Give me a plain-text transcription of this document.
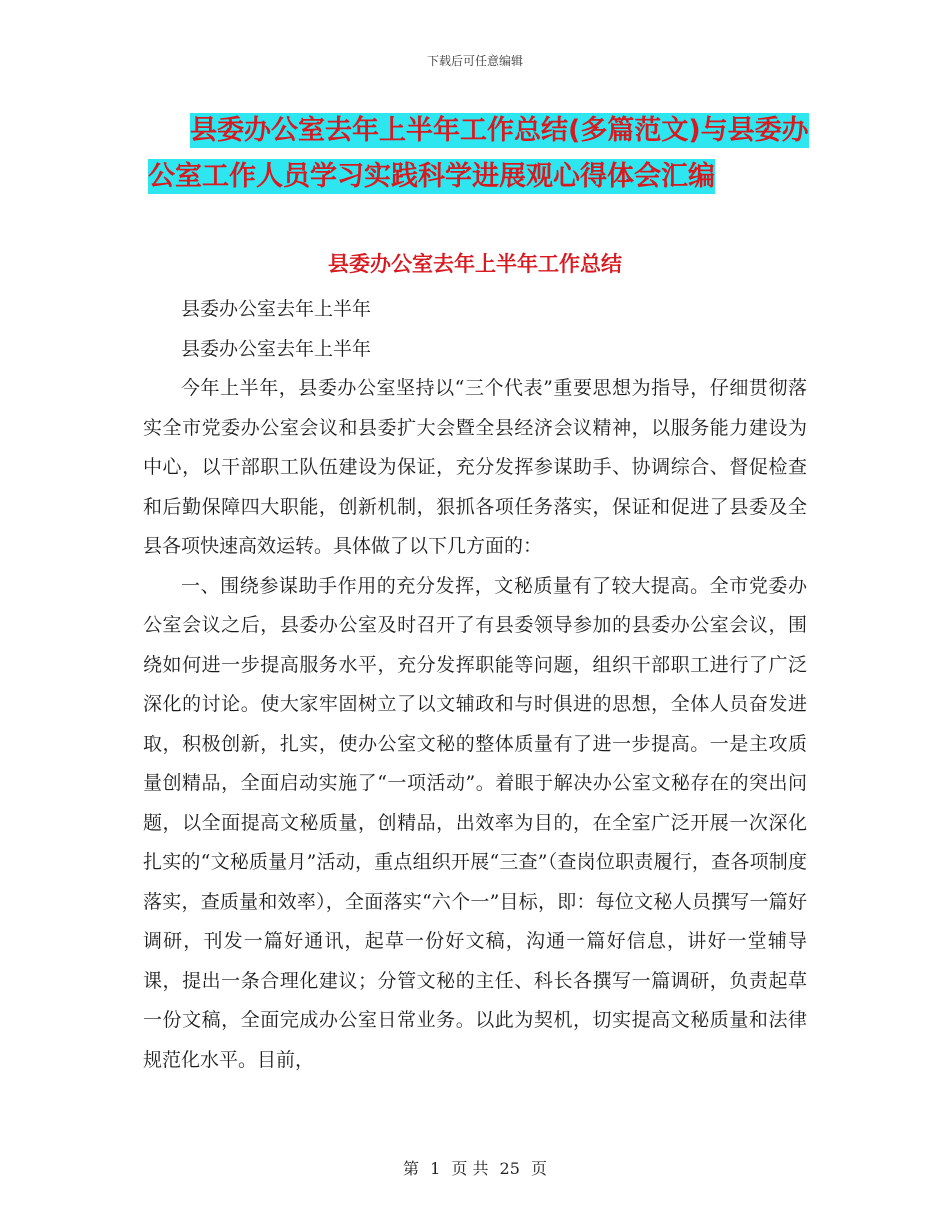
下载后可任意编辑
县委办公室去年上半年工作总结(多篇范文)与县委办
公室工作人员学习实践科学进展观心得体会汇编
县委办公室去年上半年工作总结

县委办公室去年上半年

县委办公室去年上半年

今年上半年，县委办公室坚持以“三个代表”重要思想为指导，仔细贯彻落实全市党委办公室会议和县委扩大会暨全县经济会议精神，以服务能力建设为中心，以干部职工队伍建设为保证，充分发挥参谋助手、协调综合、督促检查和后勤保障四大职能，创新机制，狠抓各项任务落实，保证和促进了县委及全县各项快速高效运转。具体做了以下几方面的：

一、围绕参谋助手作用的充分发挥，文秘质量有了较大提高。全市党委办公室会议之后，县委办公室及时召开了有县委领导参加的县委办公室会议，围绕如何进一步提高服务水平，充分发挥职能等问题，组织干部职工进行了广泛深化的讨论。使大家牢固树立了以文辅政和与时俱进的思想，全体人员奋发进取，积极创新，扎实，使办公室文秘的整体质量有了进一步提高。一是主攻质量创精品，全面启动实施了“一项活动”。着眼于解决办公室文秘存在的突出问题，以全面提高文秘质量，创精品，出效率为目的，在全室广泛开展一次深化扎实的“文秘质量月”活动，重点组织开展“三查”（查岗位职责履行，查各项制度落实，查质量和效率），全面落实“六个一”目标，即：每位文秘人员撰写一篇好调研，刊发一篇好通讯，起草一份好文稿，沟通一篇好信息，讲好一堂辅导课，提出一条合理化建议；分管文秘的主任、科长各撰写一篇调研，负责起草一份文稿，全面完成办公室日常业务。以此为契机，切实提高文秘质量和法律规范化水平。目前，

第 1 页 共 25 页
